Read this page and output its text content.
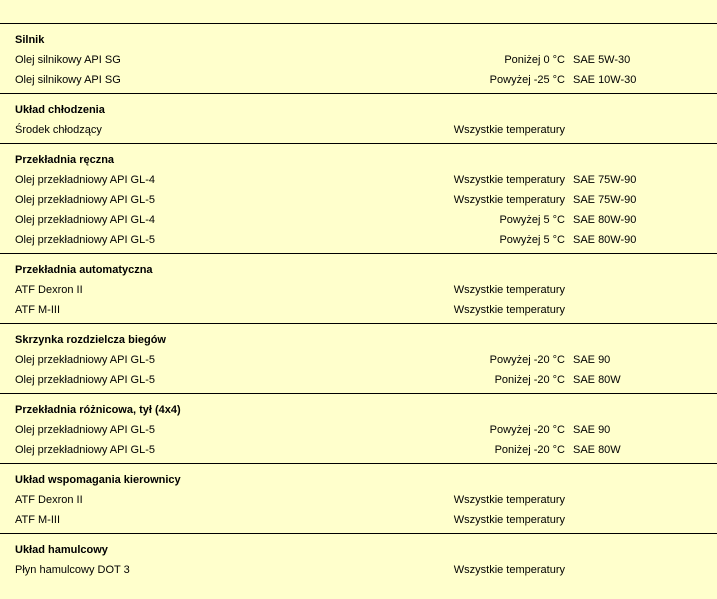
Silnik
Olej silnikowy API SG	Poniżej 0 °C SAE 5W-30
Olej silnikowy API SG	Powyżej -25 °C SAE 10W-30
Układ chłodzenia
Środek chłodzący	Wszystkie temperatury
Przekładnia ręczna
Olej przekładniowy API GL-4	Wszystkie temperatury SAE 75W-90
Olej przekładniowy API GL-5	Wszystkie temperatury SAE 75W-90
Olej przekładniowy API GL-4	Powyżej 5 °C SAE 80W-90
Olej przekładniowy API GL-5	Powyżej 5 °C SAE 80W-90
Przekładnia automatyczna
ATF Dexron II	Wszystkie temperatury
ATF M-III	Wszystkie temperatury
Skrzynka rozdzielcza biegów
Olej przekładniowy API GL-5	Powyżej -20 °C SAE 90
Olej przekładniowy API GL-5	Poniżej -20 °C SAE 80W
Przekładnia różnicowa, tył (4x4)
Olej przekładniowy API GL-5	Powyżej -20 °C SAE 90
Olej przekładniowy API GL-5	Poniżej -20 °C SAE 80W
Układ wspomagania kierownicy
ATF Dexron II	Wszystkie temperatury
ATF M-III	Wszystkie temperatury
Układ hamulcowy
Płyn hamulcowy DOT 3	Wszystkie temperatury
